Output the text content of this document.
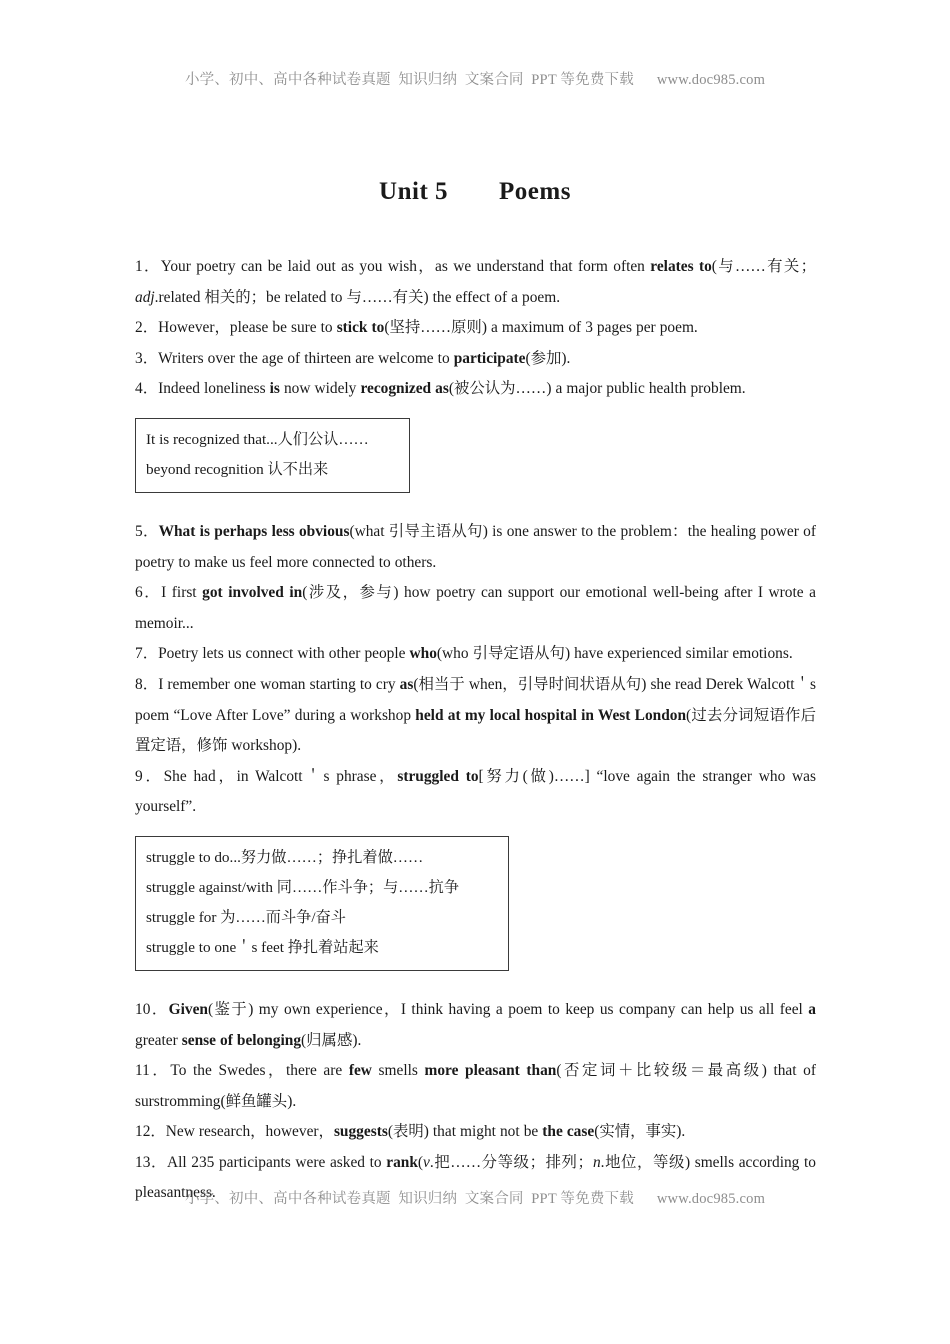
小学、初中、高中各种试卷真题  知识归纳  文案合同  PPT 等免费下载      www.doc985.com
Unit 5　　Poems

1．Your poetry can be laid out as you wish，as we understand that form often relates to(与……有关；adj.related 相关的；be related to 与……有关) the effect of a poem.

2．However，please be sure to stick to(坚持……原则) a maximum of 3 pages per poem.

3．Writers over the age of thirteen are welcome to participate(参加).

4．Indeed loneliness is now widely recognized as(被公认为……) a major public health problem.

It is recognized that...人们公认……
beyond recognition 认不出来

5．What is perhaps less obvious(what 引导主语从句) is one answer to the problem：the healing power of poetry to make us feel more connected to others.

6．I first got involved in(涉及，参与) how poetry can support our emotional well-being after I wrote a memoir...

7．Poetry lets us connect with other people who(who 引导定语从句) have experienced similar emotions.

8．I remember one woman starting to cry as(相当于 when，引导时间状语从句) she read Derek Walcott＇s poem “Love After Love” during a workshop held at my local hospital in West London(过去分词短语作后置定语，修饰 workshop).

9．She had，in Walcott＇s phrase，struggled to[努力(做)……] “love again the stranger who was yourself”.

struggle to do...努力做……；挣扎着做……
struggle against/with 同……作斗争；与……抗争
struggle for 为……而斗争/奋斗
struggle to one＇s feet 挣扎着站起来

10．Given(鉴于) my own experience，I think having a poem to keep us company can help us all feel a greater sense of belonging(归属感).

11．To the Swedes，there are few smells more pleasant than(否定词＋比较级＝最高级) that of surstromming(鲜鱼罐头).

12．New research，however，suggests(表明) that might not be the case(实情，事实).

13．All 235 participants were asked to rank(v.把……分等级；排列；n.地位，等级) smells according to pleasantness.

小学、初中、高中各种试卷真题  知识归纳  文案合同  PPT 等免费下载      www.doc985.com
